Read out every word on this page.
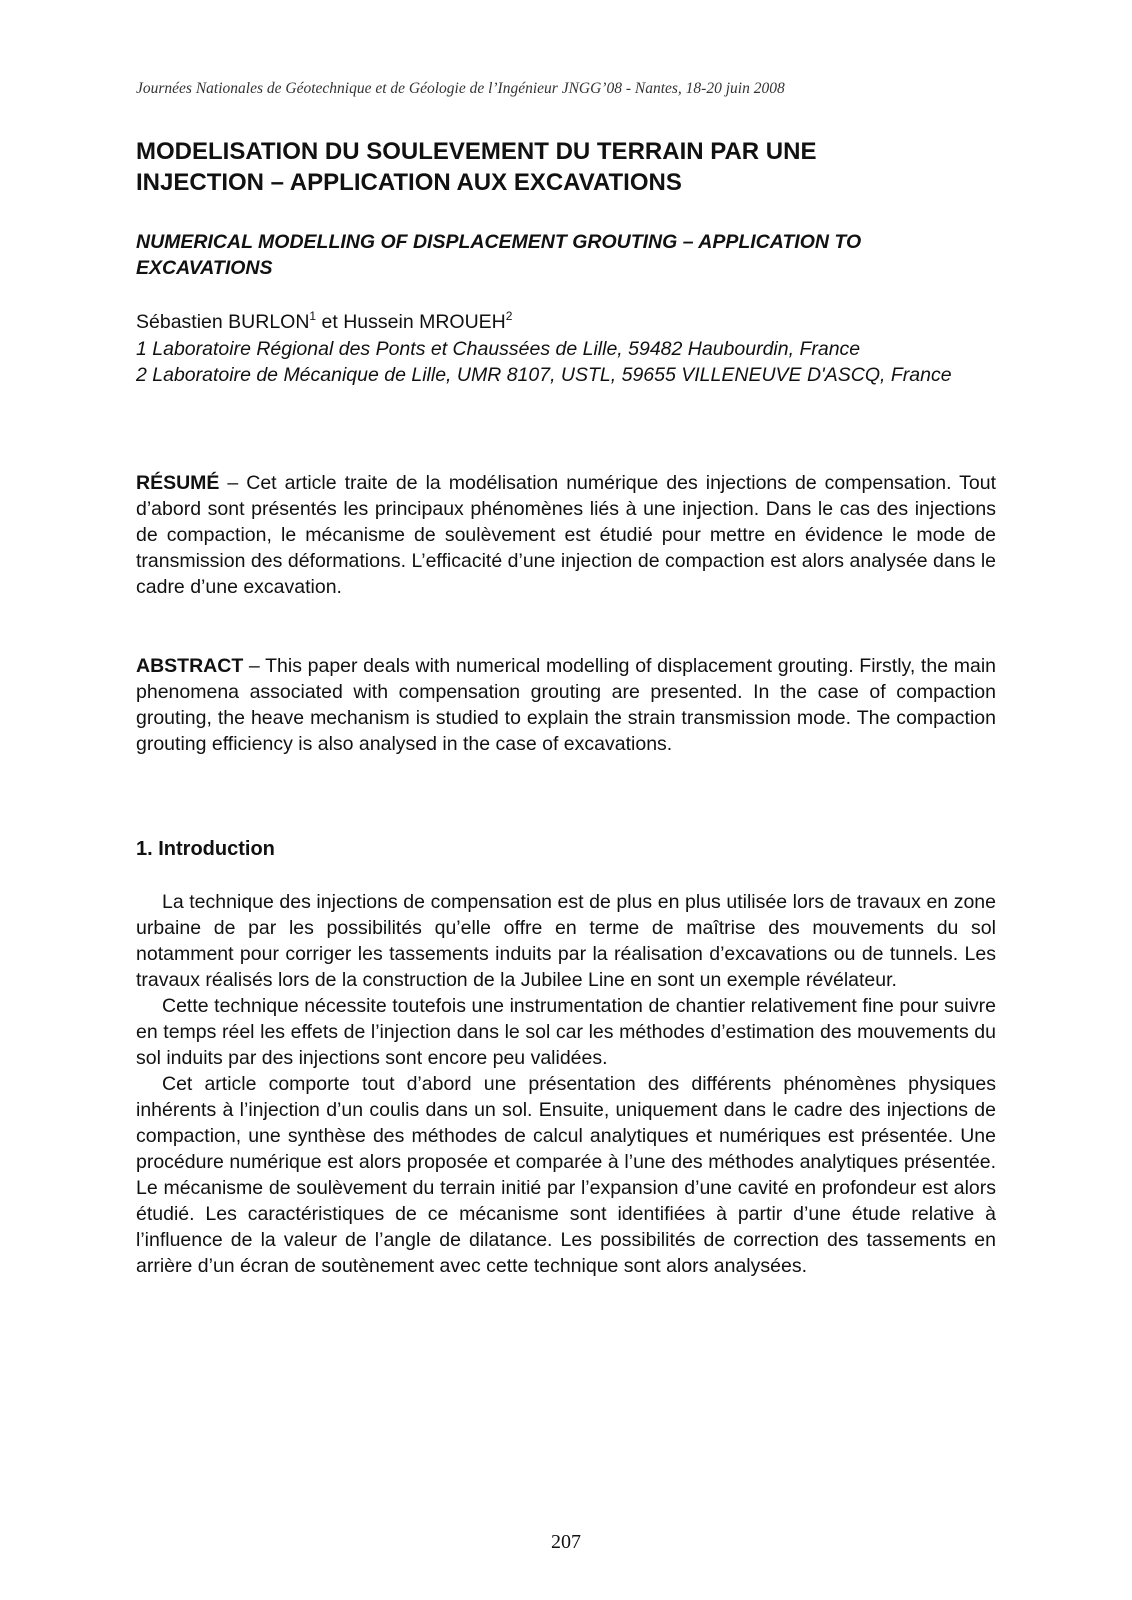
Journées Nationales de Géotechnique et de Géologie de l’Ingénieur JNGG’08 - Nantes, 18-20 juin 2008
MODELISATION DU SOULEVEMENT DU TERRAIN PAR UNE
INJECTION – APPLICATION AUX EXCAVATIONS
NUMERICAL MODELLING OF DISPLACEMENT GROUTING – APPLICATION TO EXCAVATIONS
Sébastien BURLON$^1$ et Hussein MROUEH$^2$
1 Laboratoire Régional des Ponts et Chaussées de Lille, 59482 Haubourdin, France
2 Laboratoire de Mécanique de Lille, UMR 8107, USTL, 59655 VILLENEUVE D'ASCQ, France
RÉSUMÉ – Cet article traite de la modélisation numérique des injections de compensation. Tout d’abord sont présentés les principaux phénomènes liés à une injection. Dans le cas des injections de compaction, le mécanisme de soulèvement est étudié pour mettre en évidence le mode de transmission des déformations. L’efficacité d’une injection de compaction est alors analysée dans le cadre d’une excavation.
ABSTRACT – This paper deals with numerical modelling of displacement grouting. Firstly, the main phenomena associated with compensation grouting are presented. In the case of compaction grouting, the heave mechanism is studied to explain the strain transmission mode. The compaction grouting efficiency is also analysed in the case of excavations.
1. Introduction

La technique des injections de compensation est de plus en plus utilisée lors de travaux en zone urbaine de par les possibilités qu’elle offre en terme de maîtrise des mouvements du sol notamment pour corriger les tassements induits par la réalisation d’excavations ou de tunnels. Les travaux réalisés lors de la construction de la Jubilee Line en sont un exemple révélateur.

Cette technique nécessite toutefois une instrumentation de chantier relativement fine pour suivre en temps réel les effets de l’injection dans le sol car les méthodes d’estimation des mouvements du sol induits par des injections sont encore peu validées.

Cet article comporte tout d’abord une présentation des différents phénomènes physiques inhérents à l’injection d’un coulis dans un sol. Ensuite, uniquement dans le cadre des injections de compaction, une synthèse des méthodes de calcul analytiques et numériques est présentée. Une procédure numérique est alors proposée et comparée à l’une des méthodes analytiques présentée. Le mécanisme de soulèvement du terrain initié par l’expansion d’une cavité en profondeur est alors étudié. Les caractéristiques de ce mécanisme sont identifiées à partir d’une étude relative à l’influence de la valeur de l’angle de dilatance. Les possibilités de correction des tassements en arrière d’un écran de soutènement avec cette technique sont alors analysées.

207
